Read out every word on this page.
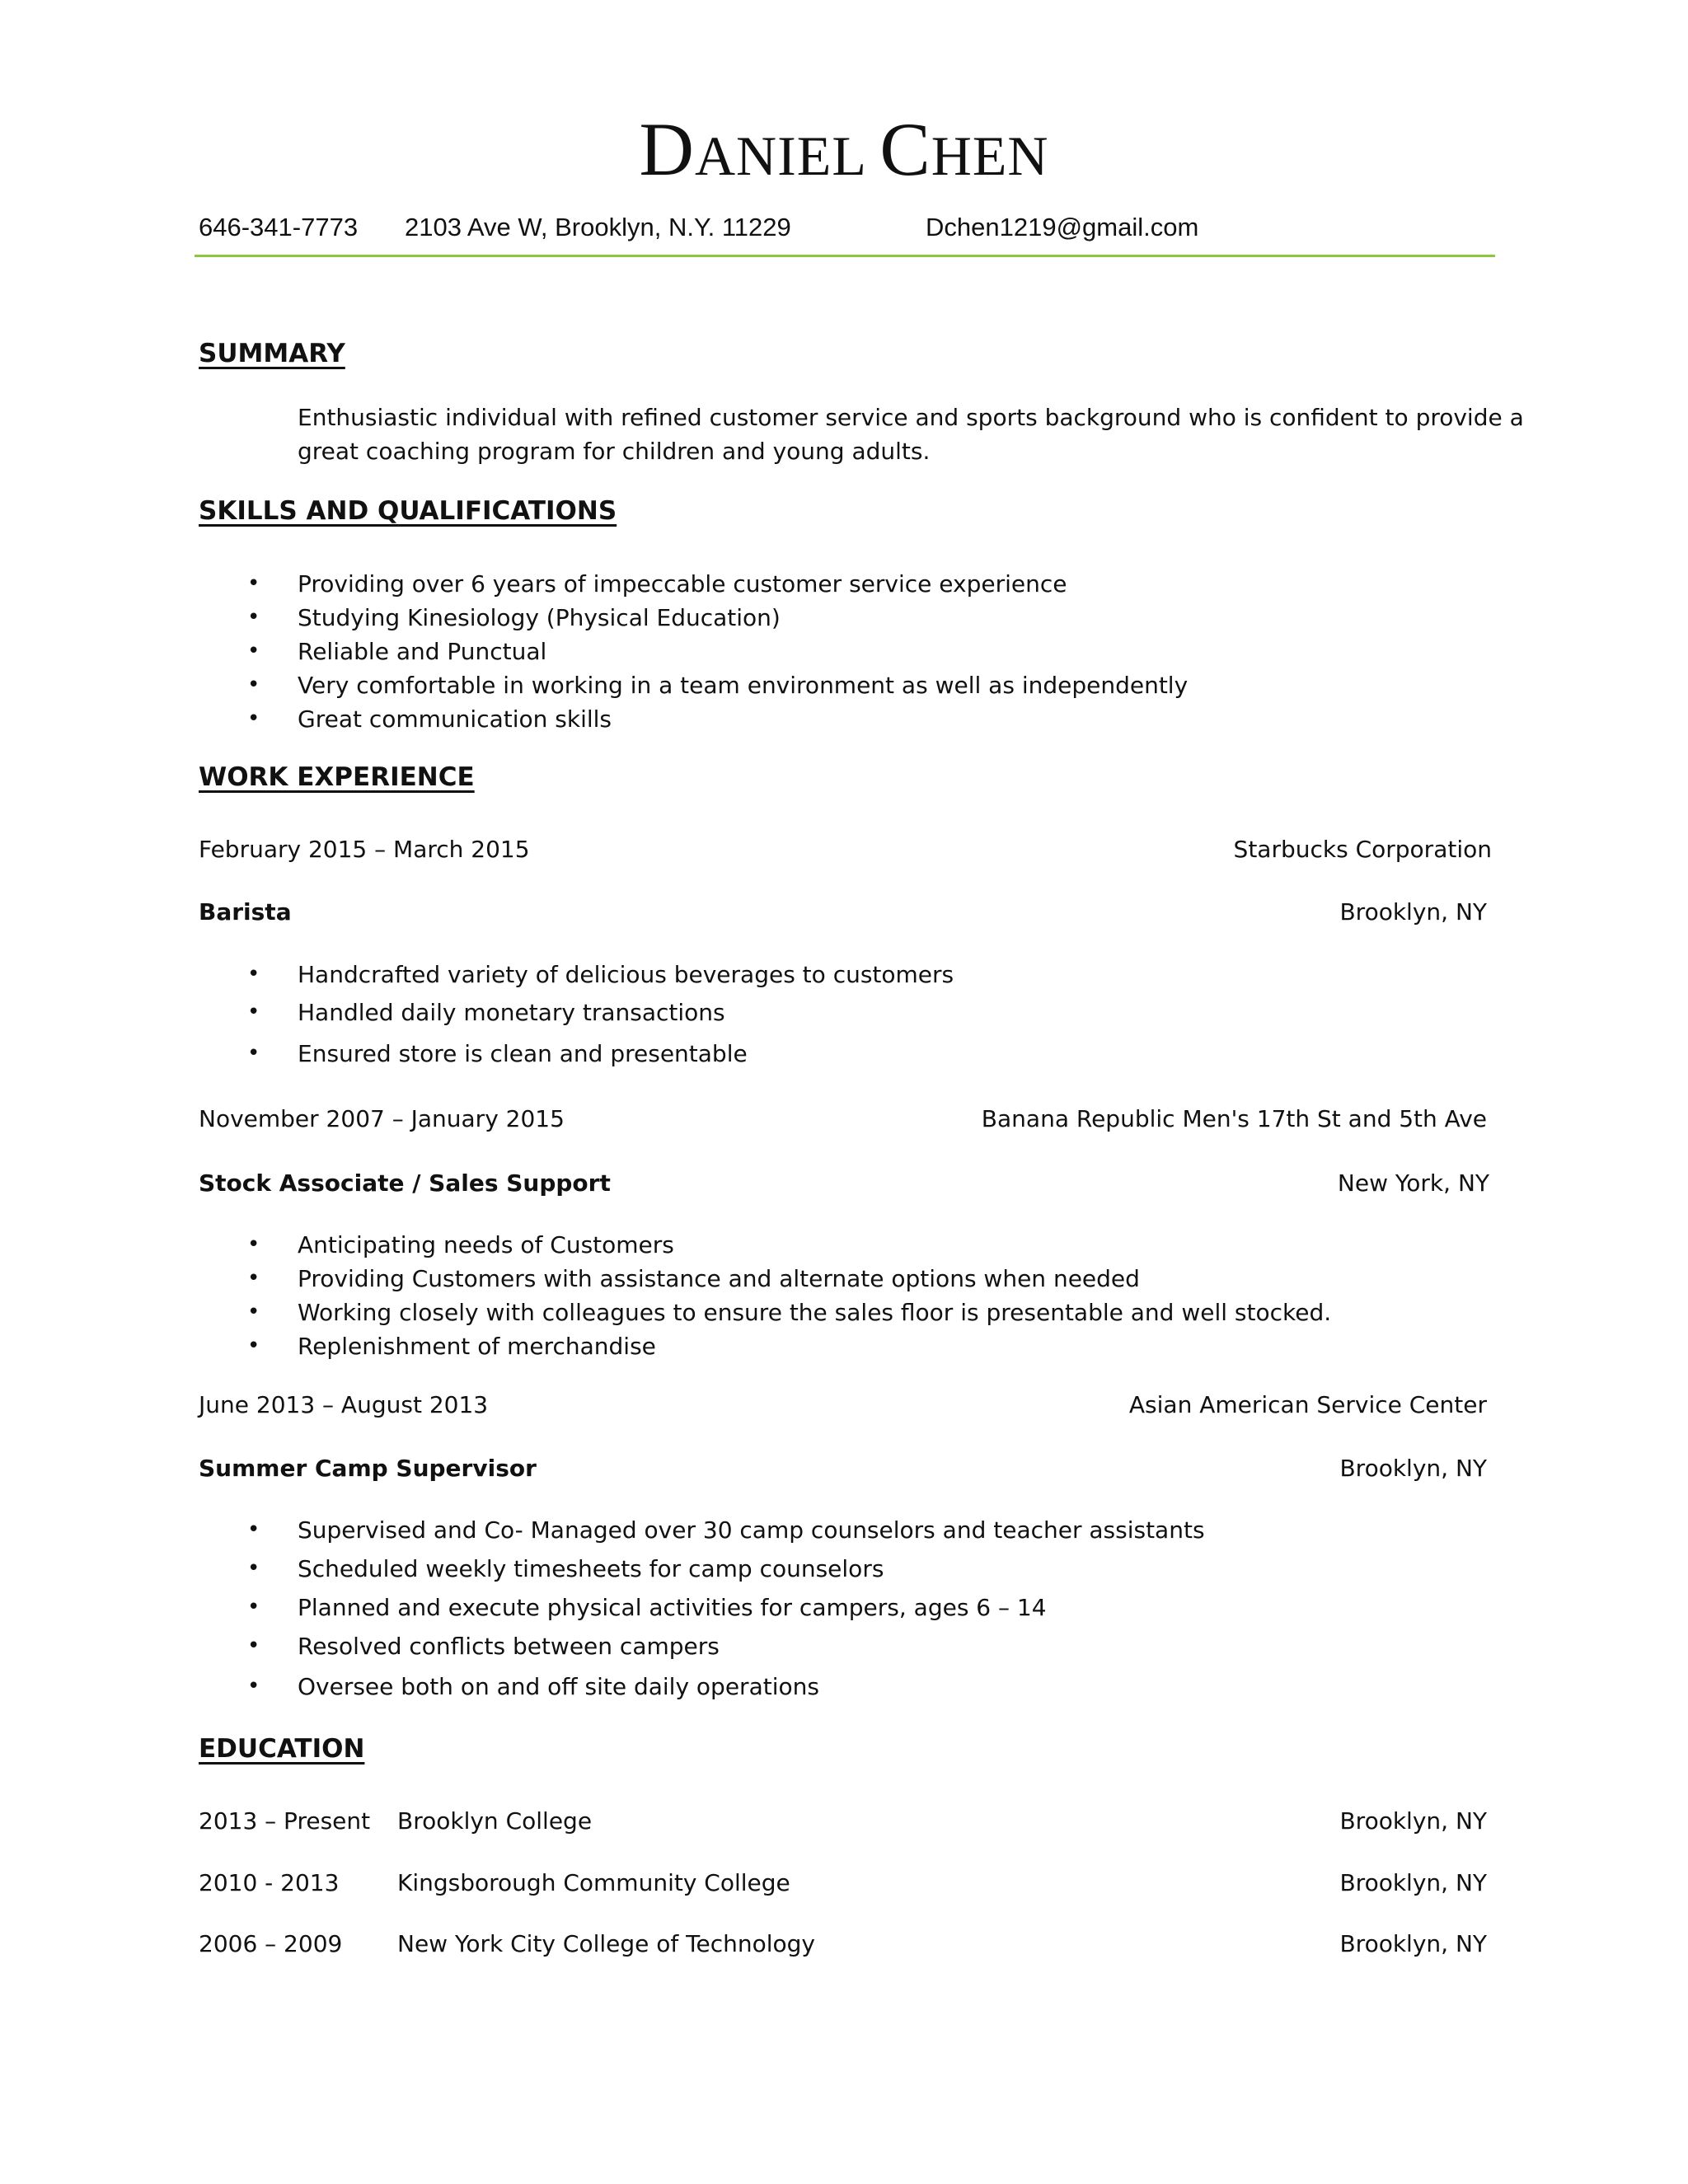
DANIEL CHEN
646-341-7773 2103 Ave W, Brooklyn, N.Y. 11229	Dchen1219@gmail.com
SUMMARY
Enthusiastic individual with refined customer service and sports background who is confident to provide a
great coaching program for children and young adults.
SKILLS AND QUALIFICATIONS
• Providing over 6 years of impeccable customer service experience
• Studying Kinesiology (Physical Education)
• Reliable and Punctual
• Very comfortable in working in a team environment as well as independently
• Great communication skills
WORK EXPERIENCE
February 2015 – March 2015	Starbucks Corporation
Barista	Brooklyn, NY
• Handcrafted variety of delicious beverages to customers
• Handled daily monetary transactions
• Ensured store is clean and presentable
November 2007 – January 2015	Banana Republic Men's 17th St and 5th Ave
Stock Associate / Sales Support	New York, NY
• Anticipating needs of Customers
• Providing Customers with assistance and alternate options when needed
• Working closely with colleagues to ensure the sales floor is presentable and well stocked.
• Replenishment of merchandise
June 2013 – August 2013	Asian American Service Center
Summer Camp Supervisor	Brooklyn, NY
• Supervised and Co- Managed over 30 camp counselors and teacher assistants
• Scheduled weekly timesheets for camp counselors
• Planned and execute physical activities for campers, ages 6 – 14
• Resolved conflicts between campers
• Oversee both on and off site daily operations
EDUCATION
2013 – Present Brooklyn College	Brooklyn, NY
2010 - 2013	Kingsborough Community College	Brooklyn, NY
2006 – 2009 New York City College of Technology	Brooklyn, NY
